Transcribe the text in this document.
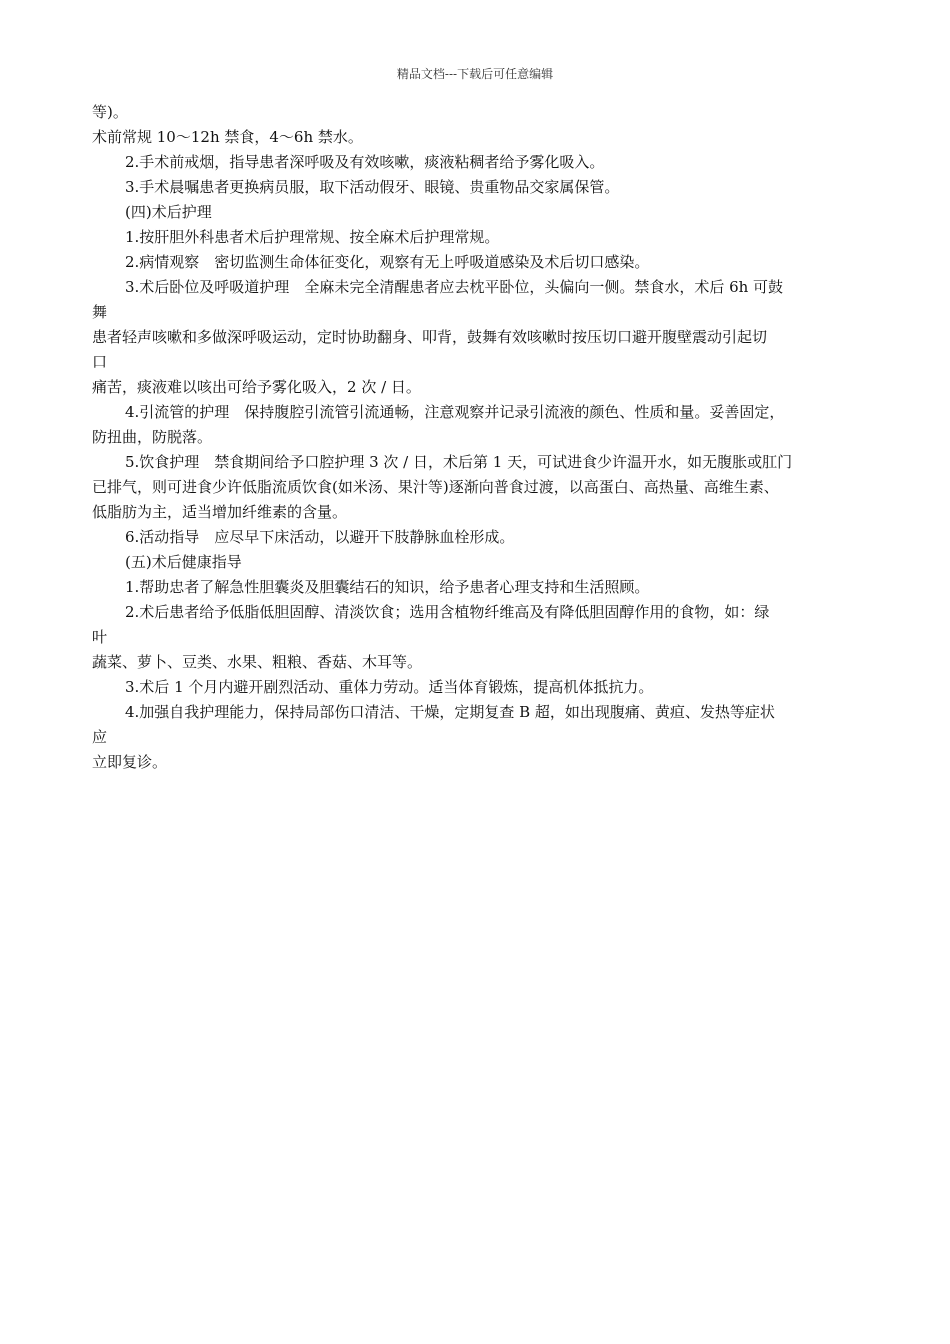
精品文档---下载后可任意编辑
等)。
术前常规 10～12h 禁食，4～6h 禁水。
2.手术前戒烟，指导患者深呼吸及有效咳嗽，痰液粘稠者给予雾化吸入。
3.手术晨嘱患者更换病员服，取下活动假牙、眼镜、贵重物品交家属保管。
(四)术后护理
1.按肝胆外科患者术后护理常规、按全麻术后护理常规。
2.病情观察　密切监测生命体征变化，观察有无上呼吸道感染及术后切口感染。
3.术后卧位及呼吸道护理　全麻未完全清醒患者应去枕平卧位，头偏向一侧。禁食水，术后 6h 可鼓
舞
患者轻声咳嗽和多做深呼吸运动，定时协助翻身、叩背，鼓舞有效咳嗽时按压切口避开腹壁震动引起切
口
痛苦，痰液难以咳出可给予雾化吸入，2 次 / 日。
4.引流管的护理　保持腹腔引流管引流通畅，注意观察并记录引流液的颜色、性质和量。妥善固定，
防扭曲，防脱落。
5.饮食护理　禁食期间给予口腔护理 3 次 / 日，术后第 1 天，可试进食少许温开水，如无腹胀或肛门
已排气，则可进食少许低脂流质饮食(如米汤、果汁等)逐渐向普食过渡，以高蛋白、高热量、高维生素、
低脂肪为主，适当增加纤维素的含量。
6.活动指导　应尽早下床活动，以避开下肢静脉血栓形成。
(五)术后健康指导
1.帮助忠者了解急性胆囊炎及胆囊结石的知识，给予患者心理支持和生活照顾。
2.术后患者给予低脂低胆固醇、清淡饮食；选用含植物纤维高及有降低胆固醇作用的食物，如：绿
叶
蔬菜、萝卜、豆类、水果、粗粮、香菇、木耳等。
3.术后 1 个月内避开剧烈活动、重体力劳动。适当体育锻炼，提高机体抵抗力。
4.加强自我护理能力，保持局部伤口清洁、干燥，定期复查 B 超，如出现腹痛、黄疸、发热等症状
应
立即复诊。
